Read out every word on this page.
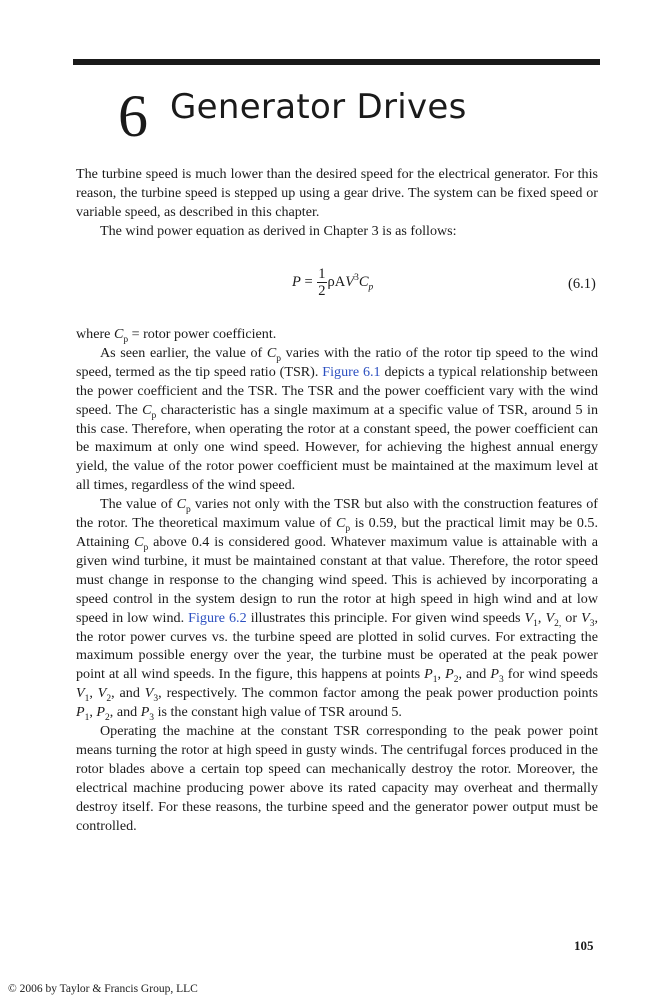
6 Generator Drives

The turbine speed is much lower than the desired speed for the electrical generator. For this reason, the turbine speed is stepped up using a gear drive. The system can be fixed speed or variable speed, as described in this chapter.

The wind power equation as derived in Chapter 3 is as follows:

$P = \frac{1}{2} \rho AV^3C_p$	(6.1)

where $C_p$ = rotor power coefficient.

As seen earlier, the value of $C_p$ varies with the ratio of the rotor tip speed to the wind speed, termed as the tip speed ratio (TSR). Figure 6.1 depicts a typical relationship between the power coefficient and the TSR. The TSR and the power coefficient vary with the wind speed. The $C_p$ characteristic has a single maximum at a specific value of TSR, around 5 in this case. Therefore, when operating the rotor at a constant speed, the power coefficient can be maximum at only one wind speed. However, for achieving the highest annual energy yield, the value of the rotor power coefficient must be maintained at the maximum level at all times, regardless of the wind speed.

The value of $C_p$ varies not only with the TSR but also with the construction features of the rotor. The theoretical maximum value of $C_p$ is 0.59, but the practical limit may be 0.5. Attaining $C_p$ above 0.4 is considered good. Whatever maximum value is attainable with a given wind turbine, it must be maintained constant at that value. Therefore, the rotor speed must change in response to the changing wind speed. This is achieved by incorporating a speed control in the system design to run the rotor at high speed in high wind and at low speed in low wind. Figure 6.2 illustrates this principle. For given wind speeds $V_1$, $V_{2,}$ or $V_3$, the rotor power curves vs. the turbine speed are plotted in solid curves. For extracting the maximum possible energy over the year, the turbine must be operated at the peak power point at all wind speeds. In the figure, this happens at points $P_1$, $P_2$, and $P_3$ for wind speeds $V_1$, $V_2$, and $V_3$, respectively. The common factor among the peak power production points $P_1$, $P_2$, and $P_3$ is the constant high value of TSR around 5.

Operating the machine at the constant TSR corresponding to the peak power point means turning the rotor at high speed in gusty winds. The centrifugal forces produced in the rotor blades above a certain top speed can mechanically destroy the rotor. Moreover, the electrical machine producing power above its rated capacity may overheat and thermally destroy itself. For these reasons, the turbine speed and the generator power output must be controlled.

105
© 2006 by Taylor & Francis Group, LLC
